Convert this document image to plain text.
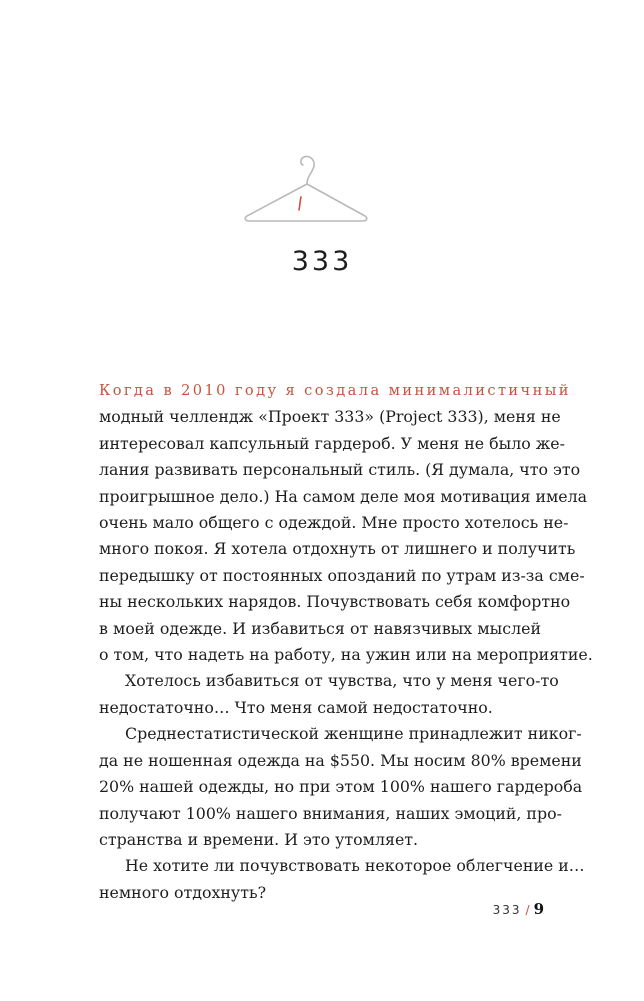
333
Когда в 2010 году я создала минималистичный
модный челлендж «Проект 333» (Project 333), меня не
интересовал капсульный гардероб. У меня не было же-
лания развивать персональный стиль. (Я думала, что это
проигрышное дело.) На самом деле моя мотивация имела
очень мало общего с одеждой. Мне просто хотелось не-
много покоя. Я хотела отдохнуть от лишнего и получить
передышку от постоянных опозданий по утрам из-за сме-
ны нескольких нарядов. Почувствовать себя комфортно
в моей одежде. И избавиться от навязчивых мыслей
о том, что надеть на работу, на ужин или на мероприятие.
Хотелось избавиться от чувства, что у меня чего-то
недостаточно… Что меня самой недостаточно.
Среднестатистической женщине принадлежит никог-
да не ношенная одежда на $550. Мы носим 80% времени
20% нашей одежды, но при этом 100% нашего гардероба
получают 100% нашего внимания, наших эмоций, про-
странства и времени. И это утомляет.
Не хотите ли почувствовать некоторое облегчение и…
немного отдохнуть?
333 / 9
